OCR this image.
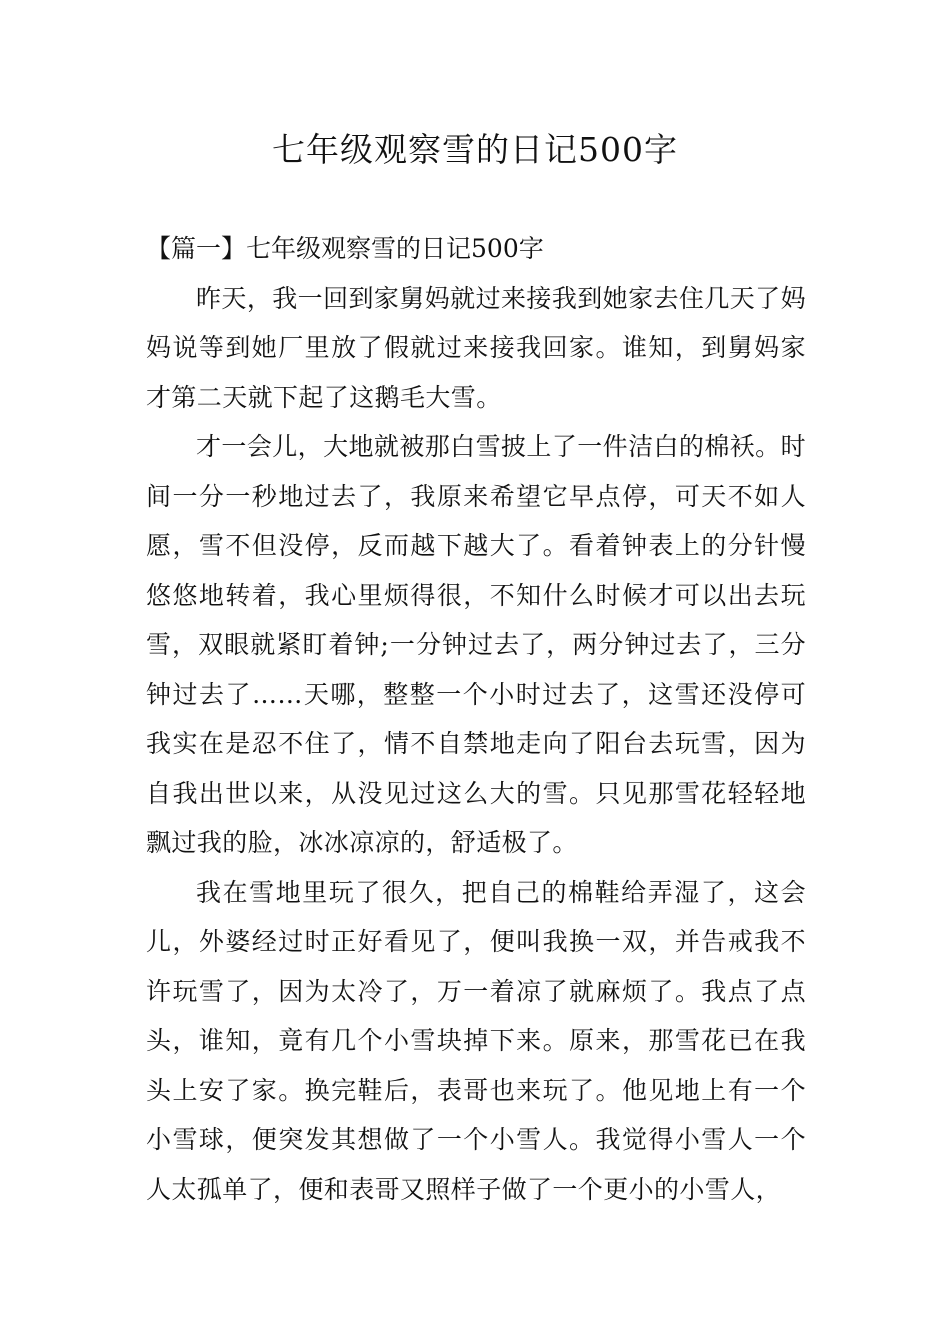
七年级观察雪的日记500字

【篇一】七年级观察雪的日记500字

昨天，我一回到家舅妈就过来接我到她家去住几天了妈妈说等到她厂里放了假就过来接我回家。谁知，到舅妈家才第二天就下起了这鹅毛大雪。

才一会儿，大地就被那白雪披上了一件洁白的棉袄。时间一分一秒地过去了，我原来希望它早点停，可天不如人愿，雪不但没停，反而越下越大了。看着钟表上的分针慢悠悠地转着，我心里烦得很，不知什么时候才可以出去玩雪，双眼就紧盯着钟;一分钟过去了，两分钟过去了，三分钟过去了……天哪，整整一个小时过去了，这雪还没停可我实在是忍不住了，情不自禁地走向了阳台去玩雪，因为自我出世以来，从没见过这么大的雪。只见那雪花轻轻地飘过我的脸，冰冰凉凉的，舒适极了。

我在雪地里玩了很久，把自己的棉鞋给弄湿了，这会儿，外婆经过时正好看见了，便叫我换一双，并告戒我不许玩雪了，因为太冷了，万一着凉了就麻烦了。我点了点头，谁知，竟有几个小雪块掉下来。原来，那雪花已在我头上安了家。换完鞋后，表哥也来玩了。他见地上有一个小雪球，便突发其想做了一个小雪人。我觉得小雪人一个人太孤单了，便和表哥又照样子做了一个更小的小雪人，
